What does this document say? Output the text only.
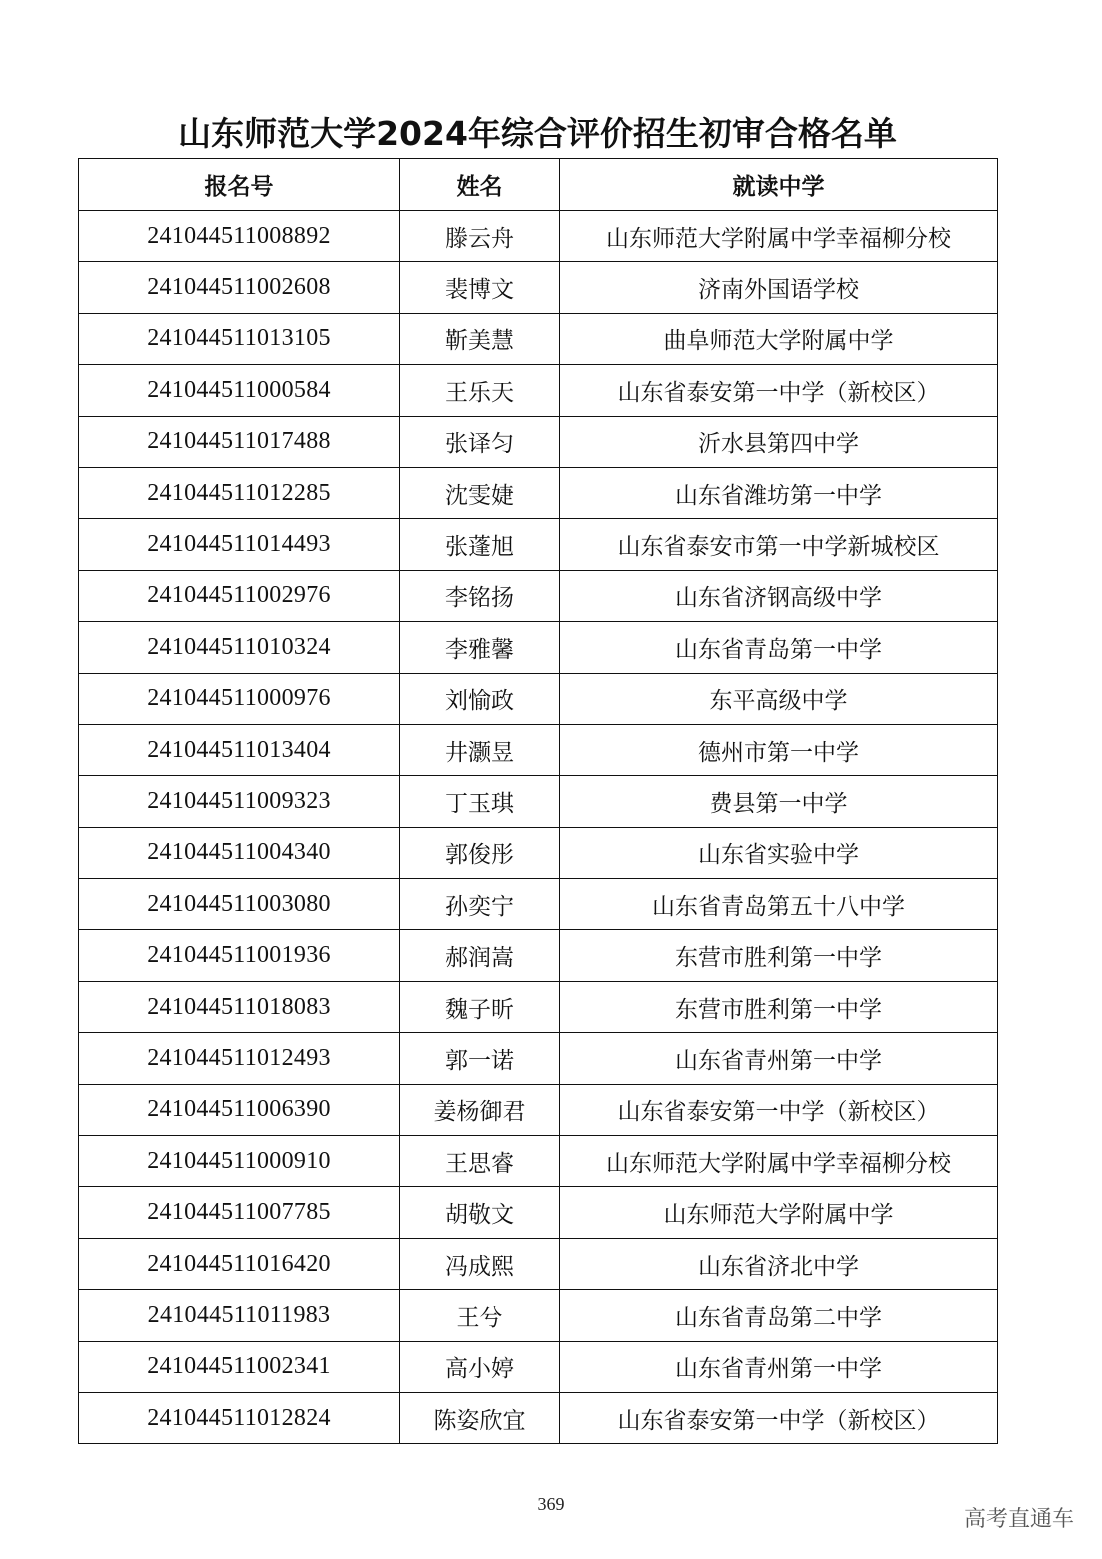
山东师范大学2024年综合评价招生初审合格名单
报名号	姓名	就读中学
241044511008892	滕云舟	山东师范大学附属中学幸福柳分校
241044511002608	裴博文	济南外国语学校
241044511013105	靳美慧	曲阜师范大学附属中学
241044511000584	王乐天	山东省泰安第一中学（新校区）
241044511017488	张译匀	沂水县第四中学
241044511012285	沈雯婕	山东省潍坊第一中学
241044511014493	张蓬旭	山东省泰安市第一中学新城校区
241044511002976	李铭扬	山东省济钢高级中学
241044511010324	李雅馨	山东省青岛第一中学
241044511000976	刘愉政	东平高级中学
241044511013404	井灏昱	德州市第一中学
241044511009323	丁玉琪	费县第一中学
241044511004340	郭俊彤	山东省实验中学
241044511003080	孙奕宁	山东省青岛第五十八中学
241044511001936	郝润嵩	东营市胜利第一中学
241044511018083	魏子昕	东营市胜利第一中学
241044511012493	郭一诺	山东省青州第一中学
241044511006390	姜杨御君	山东省泰安第一中学（新校区）
241044511000910	王思睿	山东师范大学附属中学幸福柳分校
241044511007785	胡敬文	山东师范大学附属中学
241044511016420	冯成熙	山东省济北中学
241044511011983	王兮	山东省青岛第二中学
241044511002341	高小婷	山东省青州第一中学
241044511012824	陈姿欣宜	山东省泰安第一中学（新校区）
369
高考直通车
